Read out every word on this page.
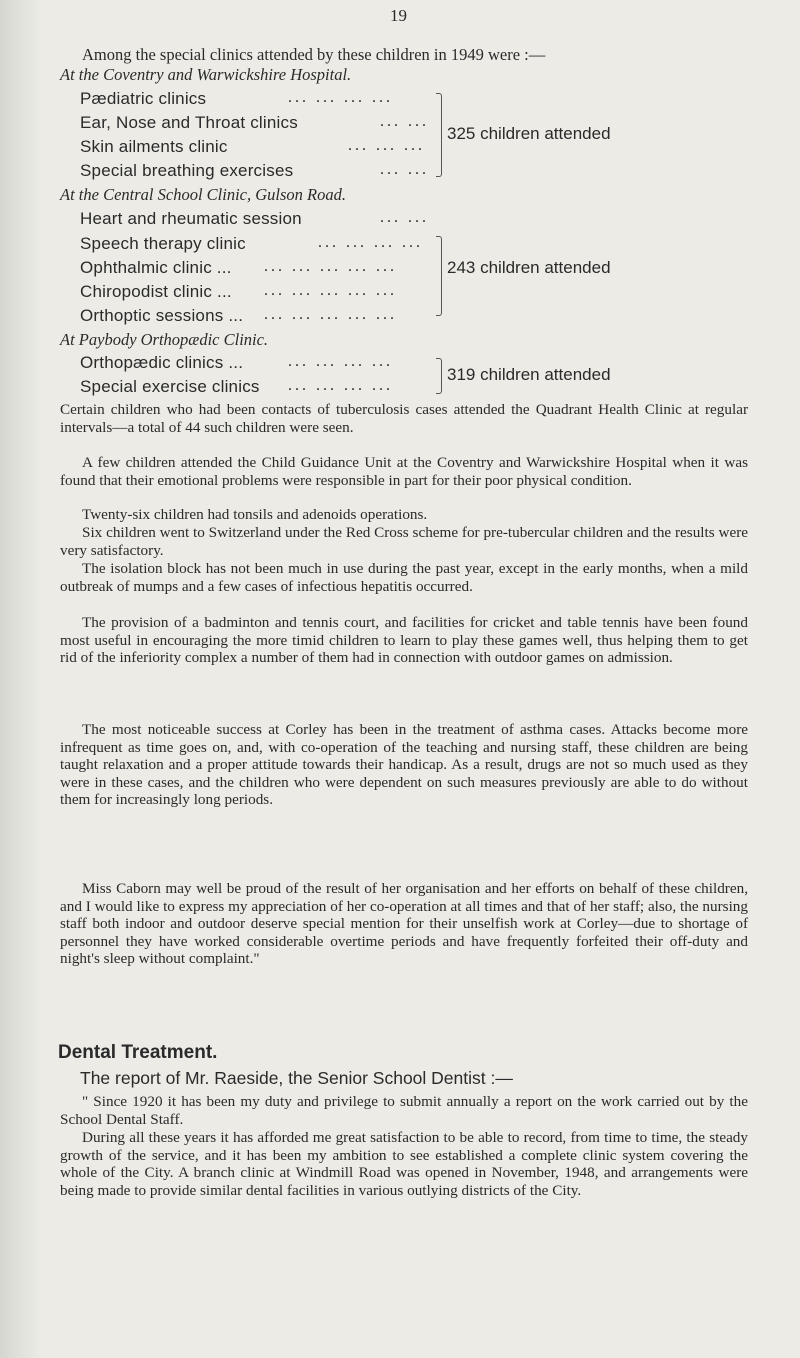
19
Among the special clinics attended by these children in 1949 were :—
At the Coventry and Warwickshire Hospital.
Pædiatric clinics
Ear, Nose and Throat clinics
Skin ailments clinic
Special breathing exercises
... ... ... ...
... ...
... ... ...
... ...
325 children attended
At the Central School Clinic, Gulson Road.
Heart and rheumatic session
Speech therapy clinic
Ophthalmic clinic ...
Chiropodist clinic ...
Orthoptic sessions ...
... ...
... ... ... ...
... ... ... ... ...
... ... ... ... ...
... ... ... ... ...
243 children attended
At Paybody Orthopædic Clinic.
Orthopædic clinics ...
Special exercise clinics
... ... ... ...
... ... ... ...
319 children attended

Certain children who had been contacts of tuberculosis cases attended the Quadrant Health Clinic at regular intervals—a total of 44 such children were seen.

A few children attended the Child Guidance Unit at the Coventry and Warwickshire Hospital when it was found that their emotional problems were responsible in part for their poor physical condition.

Twenty-six children had tonsils and adenoids operations.

Six children went to Switzerland under the Red Cross scheme for pre-tubercular children and the results were very satisfactory.

The isolation block has not been much in use during the past year, except in the early months, when a mild outbreak of mumps and a few cases of infectious hepatitis occurred.

The provision of a badminton and tennis court, and facilities for cricket and table tennis have been found most useful in encouraging the more timid children to learn to play these games well, thus helping them to get rid of the inferiority complex a number of them had in connection with outdoor games on admission.

The most noticeable success at Corley has been in the treatment of asthma cases. Attacks become more infrequent as time goes on, and, with co-operation of the teaching and nursing staff, these children are being taught relaxation and a proper attitude towards their handicap. As a result, drugs are not so much used as they were in these cases, and the children who were dependent on such measures previously are able to do without them for increasingly long periods.

Miss Caborn may well be proud of the result of her organisation and her efforts on behalf of these children, and I would like to express my appreciation of her co-operation at all times and that of her staff; also, the nursing staff both indoor and outdoor deserve special mention for their unselfish work at Corley—due to shortage of personnel they have worked considerable overtime periods and have frequently forfeited their off-duty and night's sleep without complaint."

Dental Treatment.
The report of Mr. Raeside, the Senior School Dentist :—

" Since 1920 it has been my duty and privilege to submit annually a report on the work carried out by the School Dental Staff.

During all these years it has afforded me great satisfaction to be able to record, from time to time, the steady growth of the service, and it has been my ambition to see established a complete clinic system covering the whole of the City. A branch clinic at Windmill Road was opened in November, 1948, and arrangements were being made to provide similar dental facilities in various outlying districts of the City.
